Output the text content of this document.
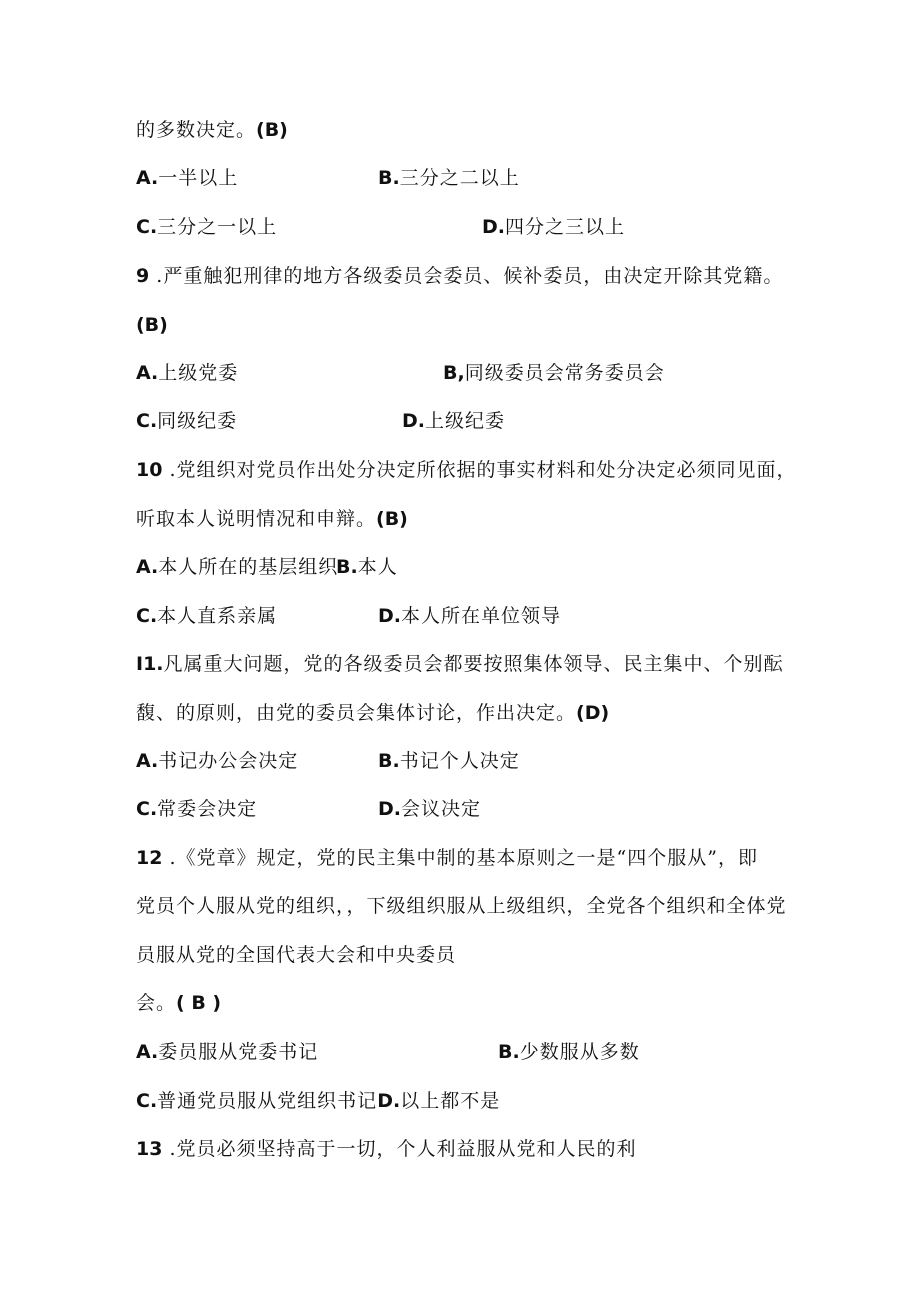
的多数决定。(B)
A.一半以上	B.三分之二以上
C.三分之一以上	D.四分之三以上
9 .严重触犯刑律的地方各级委员会委员、候补委员，由决定开除其党籍。
(B)
A.上级党委	B,同级委员会常务委员会
C.同级纪委	D.上级纪委
10 .党组织对党员作出处分决定所依据的事实材料和处分决定必须同见面，
听取本人说明情况和申辩。(B)
A.本人所在的基层组织
B.本人
C.本人直系亲属	D.本人所在单位领导
I1.凡属重大问题，党的各级委员会都要按照集体领导、民主集中、个别酝
馥、的原则，由党的委员会集体讨论，作出决定。(D)
A.书记办公会决定	B.书记个人决定
C.常委会决定	D.会议决定
12 .《党章》规定，党的民主集中制的基本原则之一是“四个服从”，即
党员个人服从党的组织，，下级组织服从上级组织，全党各个组织和全体党
员服从党的全国代表大会和中央委员
会。( B )
A.委员服从党委书记	B.少数服从多数
C.普通党员服从党组织书记D.以上都不是
13 .党员必须坚持高于一切，个人利益服从党和人民的利
